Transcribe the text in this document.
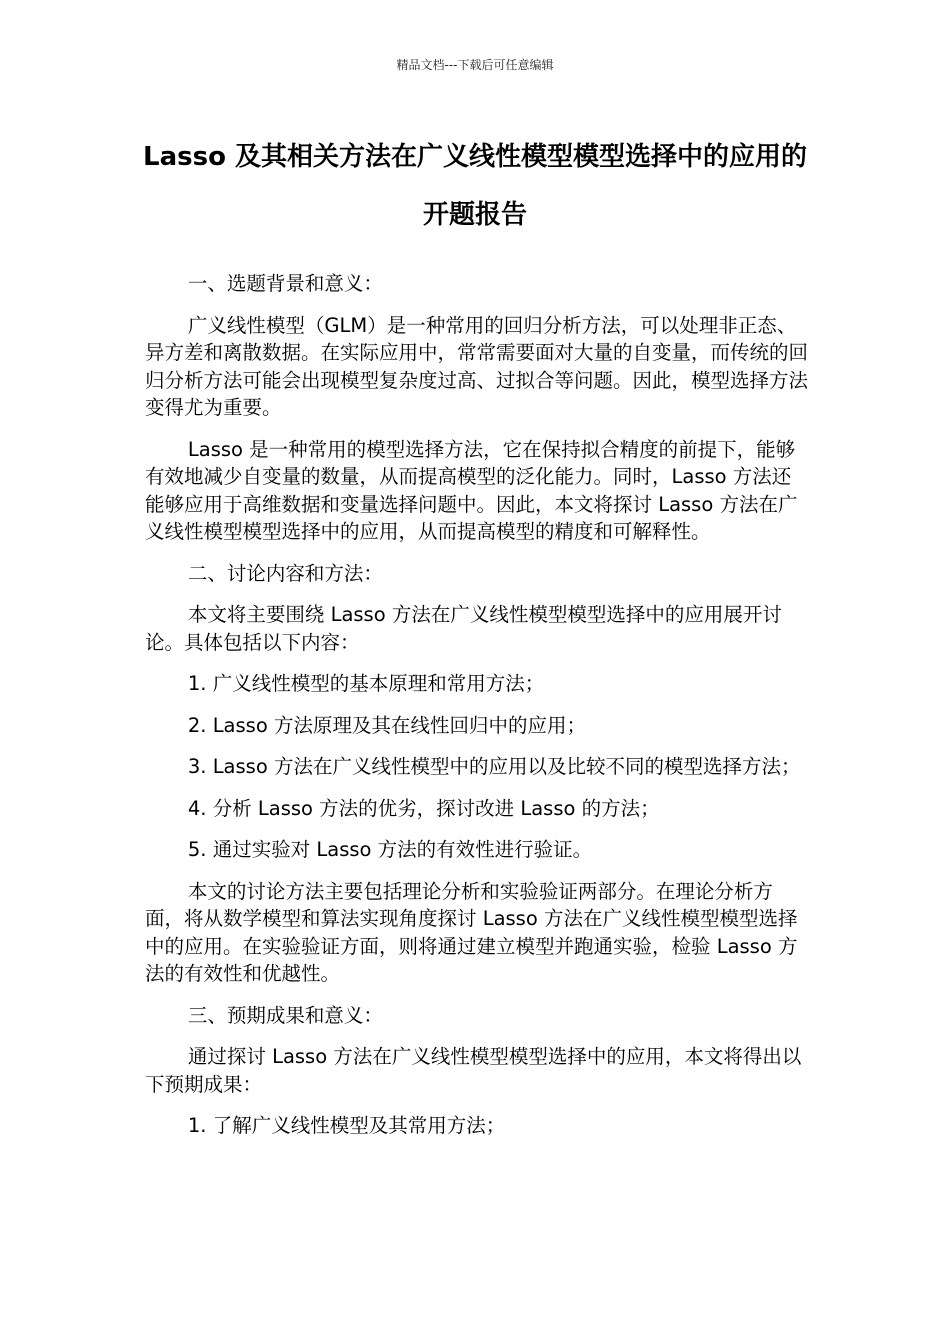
精品文档---下载后可任意编辑
Lasso 及其相关方法在广义线性模型模型选择中的应用的开题报告

一、选题背景和意义：

广义线性模型（GLM）是一种常用的回归分析方法，可以处理非正态、异方差和离散数据。在实际应用中，常常需要面对大量的自变量，而传统的回归分析方法可能会出现模型复杂度过高、过拟合等问题。因此，模型选择方法变得尤为重要。

Lasso 是一种常用的模型选择方法，它在保持拟合精度的前提下，能够有效地减少自变量的数量，从而提高模型的泛化能力。同时，Lasso 方法还能够应用于高维数据和变量选择问题中。因此，本文将探讨 Lasso 方法在广义线性模型模型选择中的应用，从而提高模型的精度和可解释性。

二、讨论内容和方法：

本文将主要围绕 Lasso 方法在广义线性模型模型选择中的应用展开讨论。具体包括以下内容：

1. 广义线性模型的基本原理和常用方法；

2. Lasso 方法原理及其在线性回归中的应用；

3. Lasso 方法在广义线性模型中的应用以及比较不同的模型选择方法；

4. 分析 Lasso 方法的优劣，探讨改进 Lasso 的方法；

5. 通过实验对 Lasso 方法的有效性进行验证。

本文的讨论方法主要包括理论分析和实验验证两部分。在理论分析方面，将从数学模型和算法实现角度探讨 Lasso 方法在广义线性模型模型选择中的应用。在实验验证方面，则将通过建立模型并跑通实验，检验 Lasso 方法的有效性和优越性。

三、预期成果和意义：

通过探讨 Lasso 方法在广义线性模型模型选择中的应用，本文将得出以下预期成果：

1. 了解广义线性模型及其常用方法；
